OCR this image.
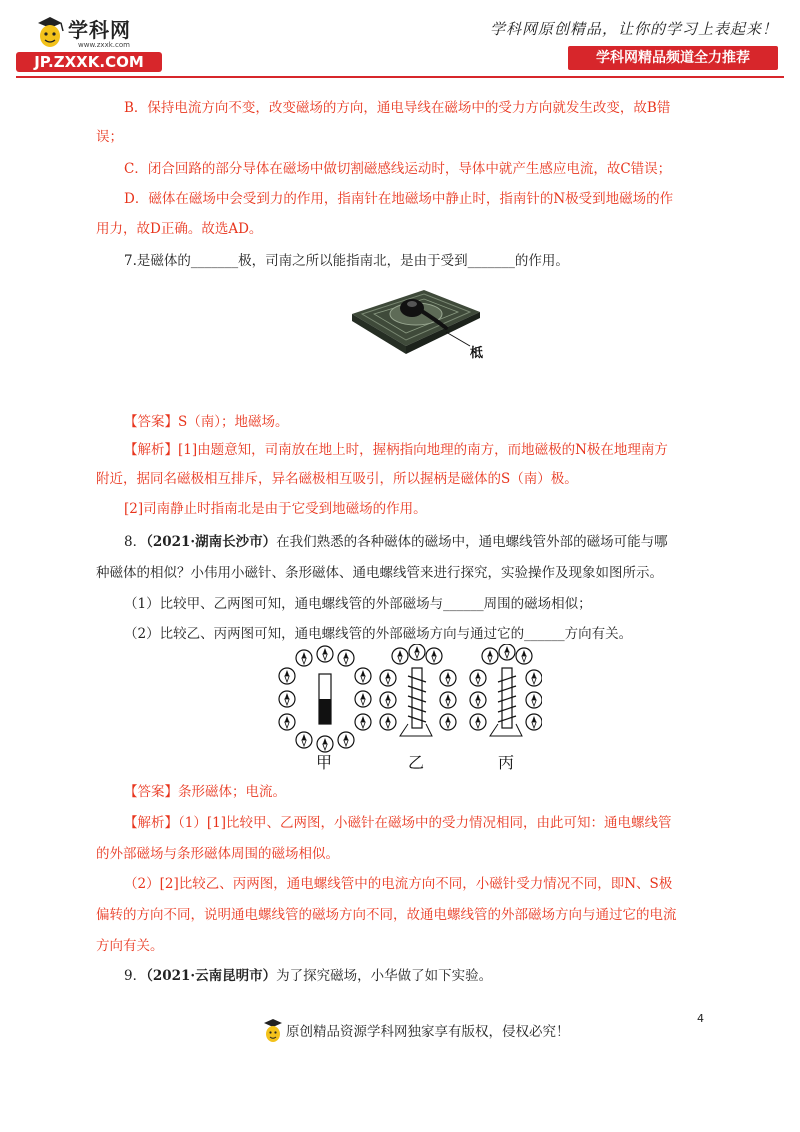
学科网
www.zxxk.com
JP.ZXXK.COM
学科网原创精品，让你的学习上表起来！
学科网精品频道全力推荐
B．保持电流方向不变，改变磁场的方向，通电导线在磁场中的受力方向就发生改变，故B错
误；
C．闭合回路的部分导体在磁场中做切割磁感线运动时，导体中就产生感应电流，故C错误；
D．磁体在磁场中会受到力的作用，指南针在地磁场中静止时，指南针的N极受到地磁场的作
用力，故D正确。故选AD。
7.是磁体的_______极，司南之所以能指南北，是由于受到_______的作用。
柢
【答案】S（南）；地磁场。
【解析】[1]由题意知，司南放在地上时，握柄指向地理的南方，而地磁极的N极在地理南方
附近，据同名磁极相互排斥，异名磁极相互吸引，所以握柄是磁体的S（南）极。
[2]司南静止时指南北是由于它受到地磁场的作用。
8．（2021·湖南长沙市）在我们熟悉的各种磁体的磁场中，通电螺线管外部的磁场可能与哪
种磁体的相似？小伟用小磁针、条形磁体、通电螺线管来进行探究，实验操作及现象如图所示。
（1）比较甲、乙两图可知，通电螺线管的外部磁场与______周围的磁场相似；
（2）比较乙、丙两图可知，通电螺线管的外部磁场方向与通过它的______方向有关。
甲	乙	丙
【答案】条形磁体；电流。
【解析】（1）[1]比较甲、乙两图，小磁针在磁场中的受力情况相同，由此可知：通电螺线管
的外部磁场与条形磁体周围的磁场相似。
（2）[2]比较乙、丙两图，通电螺线管中的电流方向不同，小磁针受力情况不同，即N、S极
偏转的方向不同，说明通电螺线管的磁场方向不同，故通电螺线管的外部磁场方向与通过它的电流
方向有关。
9．（2021·云南昆明市）为了探究磁场，小华做了如下实验。
原创精品资源学科网独家享有版权，侵权必究！
4
